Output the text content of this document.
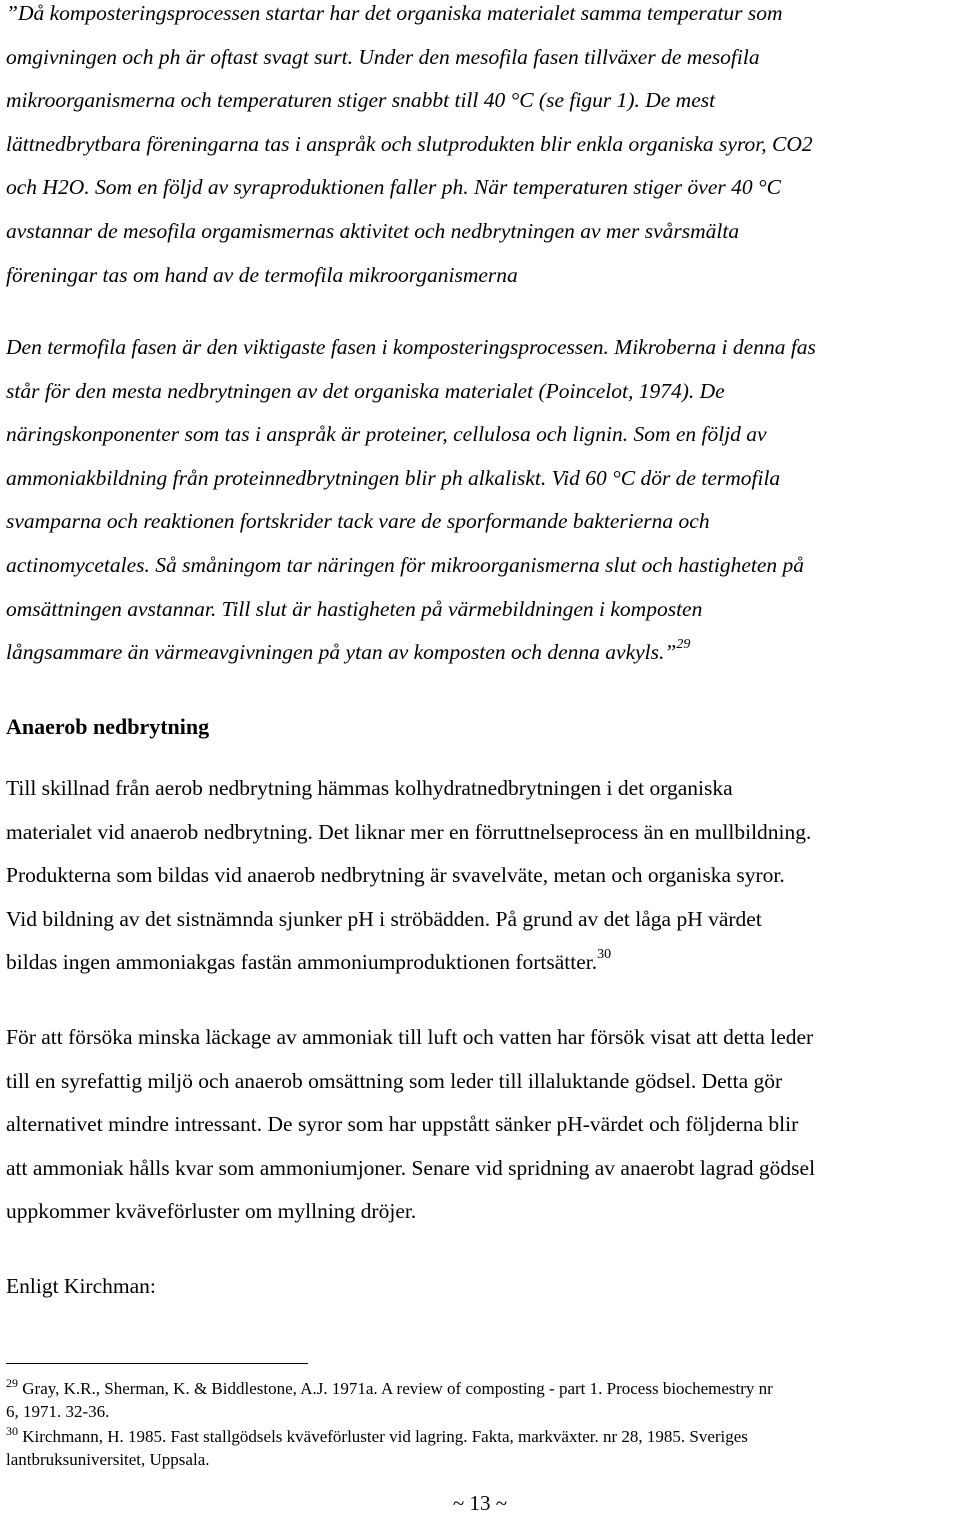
”Då komposteringsprocessen startar har det organiska materialet samma temperatur som
omgivningen och ph är oftast svagt surt. Under den mesofila fasen tillväxer de mesofila
mikroorganismerna och temperaturen stiger snabbt till 40 °C (se figur 1). De mest
lättnedbrytbara föreningarna tas i anspråk och slutprodukten blir enkla organiska syror, CO2
och H2O. Som en följd av syraproduktionen faller ph. När temperaturen stiger över 40 °C
avstannar de mesofila orgamismernas aktivitet och nedbrytningen av mer svårsmälta
föreningar tas om hand av de termofila mikroorganismerna
Den termofila fasen är den viktigaste fasen i komposteringsprocessen. Mikroberna i denna fas
står för den mesta nedbrytningen av det organiska materialet (Poincelot, 1974). De
näringskonponenter som tas i anspråk är proteiner, cellulosa och lignin. Som en följd av
ammoniakbildning från proteinnedbrytningen blir ph alkaliskt. Vid 60 °C dör de termofila
svamparna och reaktionen fortskrider tack vare de sporformande bakterierna och
actinomycetales. Så småningom tar näringen för mikroorganismerna slut och hastigheten på
omsättningen avstannar. Till slut är hastigheten på värmebildningen i komposten
långsammare än värmeavgivningen på ytan av komposten och denna avkyls.”$^{29}$
Anaerob nedbrytning
Till skillnad från aerob nedbrytning hämmas kolhydratnedbrytningen i det organiska
materialet vid anaerob nedbrytning. Det liknar mer en förruttnelseprocess än en mullbildning.
Produkterna som bildas vid anaerob nedbrytning är svavelväte, metan och organiska syror.
Vid bildning av det sistnämnda sjunker pH i ströbädden. På grund av det låga pH värdet
bildas ingen ammoniakgas fastän ammoniumproduktionen fortsätter.$^{30}$
För att försöka minska läckage av ammoniak till luft och vatten har försök visat att detta leder
till en syrefattig miljö och anaerob omsättning som leder till illaluktande gödsel. Detta gör
alternativet mindre intressant. De syror som har uppstått sänker pH-värdet och följderna blir
att ammoniak hålls kvar som ammoniumjoner. Senare vid spridning av anaerobt lagrad gödsel
uppkommer kväveförluster om myllning dröjer.
Enligt Kirchman:
$^{29}$ Gray, K.R., Sherman, K. & Biddlestone, A.J. 1971a. A review of composting - part 1. Process biochemestry nr
6, 1971. 32-36.
$^{30}$ Kirchmann, H. 1985. Fast stallgödsels kväveförluster vid lagring. Fakta, markväxter. nr 28, 1985. Sveriges
lantbruksuniversitet, Uppsala.
~ 13 ~
